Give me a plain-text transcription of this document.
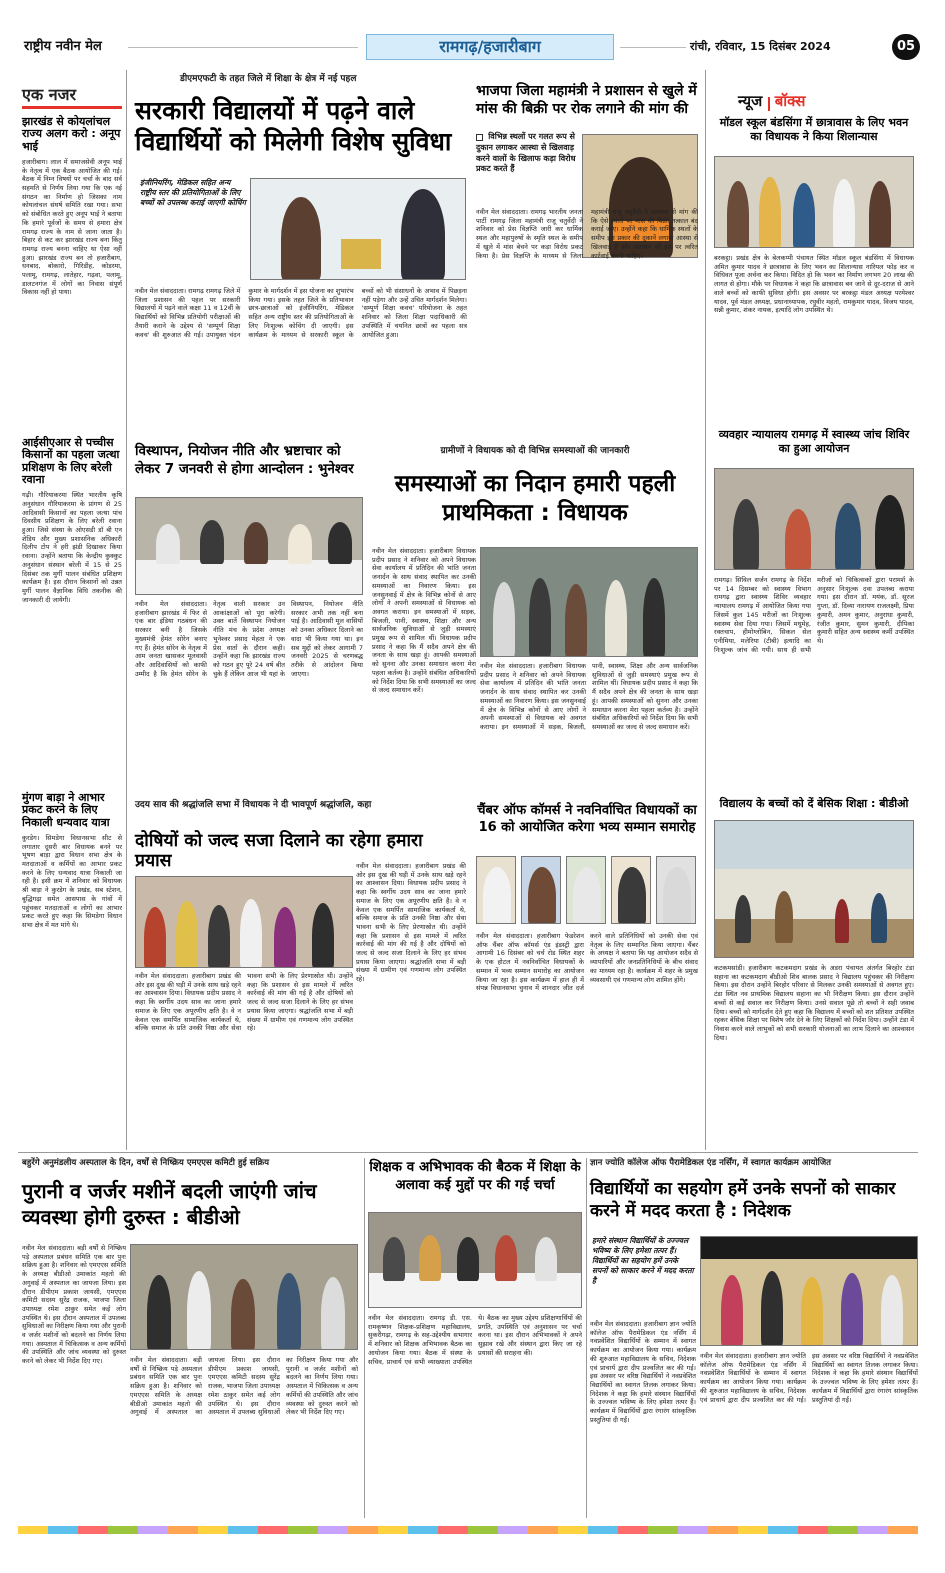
राष्ट्रीय नवीन मेल	रामगढ़/हजारीबाग	रांची, रविवार, 15 दिसंबर 2024	05
एक नजर
झारखंड से कोयलांचल राज्य अलग करो : अनूप भाई
हजारीबाग। लाल में समाजसेवी अनूप भाई के नेतृत्व में एक बैठक आयोजित की गई। बैठक में निम्न विषयों पर चर्चा के बाद सर्व सहमति से निर्णय लिया गया कि एक नई संगठन का निर्माण हो जिसका नाम कोयलांचल संघर्ष समिति रखा गया। सभा को संबोधित करते हुए अनूप भाई ने बताया कि हमारे पूर्वजों के समय से हमारा क्षेत्र रामगढ़ राज्य के नाम से जाना जाता है। बिहार से कट कर झारखंड राज्य बना किंतु रामगढ़ राज्य बनना चाहिए था ऐसा नहीं हुआ। झारखंड राज्य बन तो हजारीबाग, धनबाद, बोकारो, गिरिडीह, कोडरमा, पलामू, रामगढ़, लातेहार, गढ़वा, पलामू, डालटनगंज में लोगों का निवास संपूर्ण विकास नहीं हो पाया।
आईसीएआर से पच्चीस किसानों का पहला जत्था प्रशिक्षण के लिए बरेली रवाना
गढ़ी। गौरियाकरमा स्थित भारतीय कृषि अनुसंधान गौरियाकरमा के प्रांगण से 25 आदिवासी किसानों का पहला जत्था पांच दिवसीय प्रशिक्षण के लिए बरेली रवाना हुआ। जिसे संस्था के ओएसडी डॉ बी एन शेडिय और मुख्य प्रशासनिक अधिकारी दिलीप टोप ने हरी झंडी दिखाकर किया रवाना। उन्होंने बताया कि केन्द्रीय कुक्कुट अनुसंधान संस्थान बरेली में 15 से 25 दिसंबर तक मुर्गी पालन संबंधित प्रशिक्षण कार्यक्रम है। इस दौरान किसानों को उन्नत मुर्गी पालन वैज्ञानिक विधि तकनीक की जानकारी दी जायेगी।
मुंगण बाड़ा ने आभार प्रकट करने के लिए निकाली धन्यवाद यात्रा
कुरडेग। सिमडेगा विधानसभा सीट से लगातार दूसरी बार विधायक बनने पर भूषण बाड़ा द्वारा विधान सभा क्षेत्र के मतदाताओं व कर्मियों का आभार प्रकट करने के लिए धन्यवाद यात्रा निकाली जा रही है। इसी क्रम में शनिवार को विधायक श्री बाड़ा ने कुरडेग के प्रखंड, सब स्टेशन, बुद्धिगढ़ा समेत आसपास के गांवों में पहुंचकर मतदाताओं व लोगों का आभार प्रकट करते हुए कहा कि सिमडेगा विधान सभा क्षेत्र में मत मांगे थे।
डीएमएफटी के तहत जिले में शिक्षा के क्षेत्र में नई पहल
सरकारी विद्यालयों में पढ़ने वाले विद्यार्थियों को मिलेगी विशेष सुविधा
इंजीनियरिंग, मेडिकल सहित अन्य राष्ट्रीय स्तर की प्रतियोगिताओं के लिए बच्चों को उपलब्ध कराई जाएगी कोचिंग
नवीन मेल संवाददाता। रामगढ़ रामगढ़ जिले में जिला प्रशासन की पहल पर सरकारी विद्यालयों में पढ़ने वाले कक्षा 11 व 12वीं के विद्यार्थियों को विभिन्न प्रतियोगी परीक्षाओं की तैयारी कराने के उद्देश्य से 'सम्पूर्ण शिक्षा कवच' की शुरुआत की गई। उपायुक्त चंदन कुमार के मार्गदर्शन में इस योजना का शुभारंभ किया गया। इसके तहत जिले के प्रतिभावान छात्र-छात्राओं को इंजीनियरिंग, मेडिकल सहित अन्य राष्ट्रीय स्तर की प्रतियोगिताओं के लिए निःशुल्क कोचिंग दी जाएगी। इस कार्यक्रम के माध्यम से सरकारी स्कूल के बच्चों को भी संसाधनों के अभाव में पिछड़ना नहीं पड़ेगा और उन्हें उचित मार्गदर्शन मिलेगा। 'सम्पूर्ण शिक्षा कवच' परियोजना के तहत शनिवार को जिला शिक्षा पदाधिकारी की उपस्थिति में चयनित छात्रों का पहला सत्र आयोजित हुआ।
भाजपा जिला महामंत्री ने प्रशासन से खुले में मांस की बिक्री पर रोक लगाने की मांग की
विभिन्न स्थलों पर गलत रूप से दुकान लगाकर आस्था से खिलवाड़ करने वालों के खिलाफ कड़ा विरोध प्रकट करते हैं
नवीन मेल संवाददाता। रामगढ़ भारतीय जनता पार्टी रामगढ़ जिला महामंत्री राजू चतुर्वेदी ने शनिवार को प्रेस विज्ञप्ति जारी कर धार्मिक स्थल और महापुरुषों के स्मृति स्थल के समीप में खुले में मांस बेचने पर कड़ा विरोध प्रकट किया है। प्रेस विज्ञप्ति के माध्यम से जिला महामंत्री राजू चतुर्वेदी ने प्रशासन से मांग की कि ऐसे स्थलों पर मांस की बिक्री तत्काल बंद कराई जाए। उन्होंने कहा कि धार्मिक स्थलों के समीप इस प्रकार की दुकानें लगाना आस्था से खिलवाड़ है और प्रशासन को इस पर त्वरित कार्रवाई करनी चाहिए।
न्यूज बॉक्स
मॉडल स्कूल बंडसिंगा में छात्रावास के लिए भवन का विधायक ने किया शिलान्यास
बरकट्ठा। प्रखंड क्षेत्र के बेलकप्पी पंचायत स्थित मॉडल स्कूल बंडसिंगा में विधायक अमित कुमार यादव ने छात्रावास के लिए भवन का शिलान्यास नारियल फोड़ कर व विधिवत पूजा अर्चना कर किया। विदित हो कि भवन का निर्माण लगभग 20 लाख की लागत से होगा। मौके पर विधायक ने कहा कि छात्रावास बन जाने से दूर-दराज से आने वाले बच्चों को काफी सुविधा होगी। इस अवसर पर बरकट्ठा मंडल अध्यक्ष परमेश्वर यादव, पूर्व मंडल अध्यक्ष, प्रधानाध्यापक, रघुवीर महतो, रामकुमार यादव, विजय यादव, सन्नी कुमार, शंकर नायक, इत्यादि लोग उपस्थित थे।
व्यवहार न्यायालय रामगढ़ में स्वास्थ्य जांच शिविर का हुआ आयोजन
रामगढ़। सिविल सर्जन रामगढ़ के निर्देश पर 14 दिसम्बर को स्वास्थ्य विभाग रामगढ़ द्वारा स्वास्थ्य शिविर व्यवहार न्यायालय रामगढ़ में आयोजित किया गया जिसमें कुल 145 मरीजों का निःशुल्क स्वास्थ्य सेवा दिया गया। जिसमें मधुमेह, रक्तचाप, हीमोग्लोबिन, सिकल सेल एनीमिया, मलेरिया (टीबी) इत्यादि का निःशुल्क जांच की गयी। साथ ही सभी मरीजों को चिकित्सकों द्वारा परामर्श के अनुसार निःशुल्क दवा उपलब्ध कराया गया। इस दौरान डॉ. मयंक, डॉ. सूरज गुप्ता, डॉ. दिव्या नारायण राजलक्ष्मी, प्रिया कुमारी, अमन कुमार, अनुराधा कुमारी, रंजीत कुमार, सुमन कुमारी, दीपिका कुमारी सहित अन्य स्वास्थ्य कर्मी उपस्थित थे।
विद्यालय के बच्चों को दें बेसिक शिक्षा : बीडीओ
कटकमसांडी। हजारीबाग कटकमदाग प्रखंड के अडरा पंचायत अंतर्गत बिरहोर टंडा सहाना का कटकमदाग बीडीओ शिव बालक प्रसाद ने विद्यालय पहुंचकर की निरीक्षण किया। इस दौरान उन्होंने बिरहोर परिवार से मिलकर उनकी समस्याओं से अवगत हुए। टंडा स्थित नव प्राथमिक विद्यालय सहाना का भी निरीक्षण किया। इस दौरान उन्होंने बच्चों से कई सवाल कर निरीक्षण किया। उनसे सवाल पूछे तो बच्चों ने सही जवाब दिया। बच्चों को मार्गदर्शन देते हुए कहा कि विद्यालय में बच्चों को शत प्रतिशत उपस्थित रहकर बेसिक शिक्षा पर विशेष जोर देने के लिए शिक्षकों को निर्देश दिया। उन्होंने टंडा में निवास करने वाले लाभुकों को सभी सरकारी योजनाओं का लाभ दिलाने का आश्वासन दिया।
विस्थापन, नियोजन नीति और भ्रष्टाचार को लेकर 7 जनवरी से होगा आन्दोलन : भुनेश्वर
नवीन मेल संवाददाता। हजारीबाग झारखंड में फिर से एक बार इंडिया गठबंधन की सरकार बनी है जिसके मुख्यमंत्री हेमंत सोरेन बनाए गए हैं। हेमंत सोरेन के नेतृत्व में आम जनता खासकर मूलवासी और आदिवासियों को काफी उम्मीद है कि हेमंत सोरेन के नेतृत्व वाली सरकार उन आकांक्षाओं को पूरा करेगी। उक्त बातें विस्थापन नियोजन नीति मंच के प्रदेश अध्यक्ष भुनेश्वर प्रसाद मेहता ने एक प्रेस वार्ता के दौरान कही। उन्होंने कहा कि झारखंड राज्य को गठन हुए पूरे 24 वर्ष बीत चुके हैं लेकिन आज भी यहां के विस्थापन, नियोजन नीति सरकार अभी तक नहीं बना पाई है। आदिवासी मूल वासियों को उनका अधिकार दिलाने का वादा भी किया गया था। इन सब मुद्दों को लेकर आगामी 7 जनवरी 2025 से चरणबद्ध तरीके से आंदोलन किया जाएगा।
ग्रामीणों ने विधायक को दी विभिन्न समस्याओं की जानकारी
समस्याओं का निदान हमारी पहली प्राथमिकता : विधायक
नवीन मेल संवाददाता। हजारीबाग विधायक प्रदीप प्रसाद ने शनिवार को अपने विधायक सेवा कार्यालय में प्रतिदिन की भांति जनता जनार्दन के साथ संवाद स्थापित कर उनकी समस्याओं का निवारण किया। इस जनसुनवाई में क्षेत्र के विभिन्न कोनों से आए लोगों ने अपनी समस्याओं से विधायक को अवगत कराया। इन समस्याओं में सड़क, बिजली, पानी, स्वास्थ्य, शिक्षा और अन्य सार्वजनिक सुविधाओं से जुड़ी समस्याएं प्रमुख रूप से शामिल थीं। विधायक प्रदीप प्रसाद ने कहा कि मैं सदैव अपने क्षेत्र की जनता के साथ खड़ा हूं। आपकी समस्याओं को सुनना और उनका समाधान करना मेरा पहला कर्तव्य है। उन्होंने संबंधित अधिकारियों को निर्देश दिया कि सभी समस्याओं का जल्द से जल्द समाधान करें।
नवीन मेल संवाददाता। हजारीबाग विधायक प्रदीप प्रसाद ने शनिवार को अपने विधायक सेवा कार्यालय में प्रतिदिन की भांति जनता जनार्दन के साथ संवाद स्थापित कर उनकी समस्याओं का निवारण किया। इस जनसुनवाई में क्षेत्र के विभिन्न कोनों से आए लोगों ने अपनी समस्याओं से विधायक को अवगत कराया। इन समस्याओं में सड़क, बिजली, पानी, स्वास्थ्य, शिक्षा और अन्य सार्वजनिक सुविधाओं से जुड़ी समस्याएं प्रमुख रूप से शामिल थीं। विधायक प्रदीप प्रसाद ने कहा कि मैं सदैव अपने क्षेत्र की जनता के साथ खड़ा हूं। आपकी समस्याओं को सुनना और उनका समाधान करना मेरा पहला कर्तव्य है। उन्होंने संबंधित अधिकारियों को निर्देश दिया कि सभी समस्याओं का जल्द से जल्द समाधान करें।
उदय साव की श्रद्धांजलि सभा में विधायक ने दी भावपूर्ण श्रद्धांजलि, कहा
दोषियों को जल्द सजा दिलाने का रहेगा हमारा प्रयास	नवीन मेल संवाददाता। हजारीबाग प्रखंड की ओर इस दुख की घड़ी में उनके साथ खड़े रहने का आश्वासन दिया। विधायक प्रदीप प्रसाद ने कहा कि स्वर्गीय उदय साव का जाना हमारे समाज के लिए एक अपूरणीय क्षति है। वे न केवल एक समर्पित सामाजिक कार्यकर्ता थे, बल्कि समाज के प्रति उनकी निष्ठा और सेवा भावना सभी के लिए प्रेरणास्रोत थी। उन्होंने कहा कि प्रशासन से इस मामले में त्वरित कार्रवाई की मांग की गई है और दोषियों को जल्द से जल्द सजा दिलाने के लिए हर संभव प्रयास किया जाएगा। श्रद्धांजलि सभा में बड़ी संख्या में ग्रामीण एवं गणमान्य लोग उपस्थित रहे।
नवीन मेल संवाददाता। हजारीबाग प्रखंड की ओर इस दुख की घड़ी में उनके साथ खड़े रहने का आश्वासन दिया। विधायक प्रदीप प्रसाद ने कहा कि स्वर्गीय उदय साव का जाना हमारे समाज के लिए एक अपूरणीय क्षति है। वे न केवल एक समर्पित सामाजिक कार्यकर्ता थे, बल्कि समाज के प्रति उनकी निष्ठा और सेवा भावना सभी के लिए प्रेरणास्रोत थी। उन्होंने कहा कि प्रशासन से इस मामले में त्वरित कार्रवाई की मांग की गई है और दोषियों को जल्द से जल्द सजा दिलाने के लिए हर संभव प्रयास किया जाएगा। श्रद्धांजलि सभा में बड़ी संख्या में ग्रामीण एवं गणमान्य लोग उपस्थित रहे।
चैंबर ऑफ कॉमर्स ने नवनिर्वाचित विधायकों का 16 को आयोजित करेगा भव्य सम्मान समारोह
नवीन मेल संवाददाता। हजारीबाग फेडरेशन ऑफ चैंबर ऑफ कॉमर्स एंड इंडस्ट्री द्वारा आगामी 16 दिसंबर को चर्च रोड स्थित शहर के एक होटल में नवनिर्वाचित विधायकों के सम्मान में भव्य सम्मान समारोह का आयोजन किया जा रहा है। इस कार्यक्रम में हाल ही में संपन्न विधानसभा चुनाव में शानदार जीत दर्ज करने वाले प्रतिनिधियों को उनकी सेवा एवं नेतृत्व के लिए सम्मानित किया जाएगा। चैंबर के अध्यक्ष ने बताया कि यह आयोजन सदैव से व्यापारियों और जनप्रतिनिधियों के बीच संवाद का माध्यम रहा है। कार्यक्रम में शहर के प्रमुख व्यवसायी एवं गणमान्य लोग शामिल होंगे।
बहुरेंगे अनुमंडलीय अस्पताल के दिन, वर्षों से निष्क्रिय एमएएस कमिटी हुई सक्रिय
पुरानी व जर्जर मशीनें बदली जाएंगी जांच व्यवस्था होगी दुरुस्त : बीडीओ
नवीन मेल संवाददाता। बड़ी वर्षों से निष्क्रिय पड़े अस्पताल प्रबंधन समिति एक बार पुनः सक्रिय हुआ है। शनिवार को एमएएस समिति के अध्यक्ष बीडीओ उमाकांत महतो की अगुवाई में अस्पताल का जायजा लिया। इस दौरान डीपीएम प्रकाश जायसी, एमएएस कमिटी सदस्य सुरेंद्र राजक, भाजपा जिला उपाध्यक्ष रमेश ठाकुर समेत कई लोग उपस्थित थे। इस दौरान अस्पताल में उपलब्ध सुविधाओं का निरीक्षण किया गया और पुरानी व जर्जर मशीनों को बदलने का निर्णय लिया गया। अस्पताल में चिकित्सक व अन्य कर्मियों की उपस्थिति और जांच व्यवस्था को दुरुस्त करने को लेकर भी निर्देश दिए गए।	नवीन मेल संवाददाता। बड़ी वर्षों से निष्क्रिय पड़े अस्पताल प्रबंधन समिति एक बार पुनः सक्रिय हुआ है। शनिवार को एमएएस समिति के अध्यक्ष बीडीओ उमाकांत महतो की अगुवाई में अस्पताल का जायजा लिया। इस दौरान डीपीएम प्रकाश जायसी, एमएएस कमिटी सदस्य सुरेंद्र राजक, भाजपा जिला उपाध्यक्ष रमेश ठाकुर समेत कई लोग उपस्थित थे। इस दौरान अस्पताल में उपलब्ध सुविधाओं का निरीक्षण किया गया और पुरानी व जर्जर मशीनों को बदलने का निर्णय लिया गया। अस्पताल में चिकित्सक व अन्य कर्मियों की उपस्थिति और जांच व्यवस्था को दुरुस्त करने को लेकर भी निर्देश दिए गए।
शिक्षक व अभिभावक की बैठक में शिक्षा के अलावा कई मुद्दों पर की गई चर्चा
नवीन मेल संवाददाता। रामगढ़ डी. एस. रामकृष्णन शिक्षक-प्रशिक्षण महाविद्यालय, सुकरीगढ़ा, रामगढ़ के सह-उद्देश्यीय सभागार में शनिवार को शिक्षक अभिभावक बैठक का आयोजन किया गया। बैठक में संस्था के सचिव, प्राचार्य एवं सभी व्याख्याता उपस्थित थे। बैठक का मुख्य उद्देश्य प्रशिक्षणार्थियों की प्रगति, उपस्थिति एवं अनुशासन पर चर्चा करना था। इस दौरान अभिभावकों ने अपने सुझाव रखे और संस्थान द्वारा किए जा रहे प्रयासों की सराहना की।
ज्ञान ज्योति कॉलेज ऑफ पैरामेडिकल एंड नर्सिंग, में स्वागत कार्यक्रम आयोजित
विद्यार्थियों का सहयोग हमें उनके सपनों को साकार करने में मदद करता है : निदेशक
हमारे संस्थान विद्यार्थियों के उज्ज्वल भविष्य के लिए हमेशा तत्पर हैं। विद्यार्थियों का सहयोग हमें उनके सपनों को साकार करने में मदद करता है
नवीन मेल संवाददाता। हजारीबाग ज्ञान ज्योति कॉलेज ऑफ पैरामेडिकल एंड नर्सिंग में नवप्रवेशित विद्यार्थियों के सम्मान में स्वागत कार्यक्रम का आयोजन किया गया। कार्यक्रम की शुरुआत महाविद्यालय के सचिव, निदेशक एवं प्राचार्य द्वारा दीप प्रज्वलित कर की गई। इस अवसर पर वरिष्ठ विद्यार्थियों ने नवप्रवेशित विद्यार्थियों का स्वागत तिलक लगाकर किया। निदेशक ने कहा कि हमारे संस्थान विद्यार्थियों के उज्ज्वल भविष्य के लिए हमेशा तत्पर हैं। कार्यक्रम में विद्यार्थियों द्वारा रंगारंग सांस्कृतिक प्रस्तुतियां दी गईं।
नवीन मेल संवाददाता। हजारीबाग ज्ञान ज्योति कॉलेज ऑफ पैरामेडिकल एंड नर्सिंग में नवप्रवेशित विद्यार्थियों के सम्मान में स्वागत कार्यक्रम का आयोजन किया गया। कार्यक्रम की शुरुआत महाविद्यालय के सचिव, निदेशक एवं प्राचार्य द्वारा दीप प्रज्वलित कर की गई। इस अवसर पर वरिष्ठ विद्यार्थियों ने नवप्रवेशित विद्यार्थियों का स्वागत तिलक लगाकर किया। निदेशक ने कहा कि हमारे संस्थान विद्यार्थियों के उज्ज्वल भविष्य के लिए हमेशा तत्पर हैं। कार्यक्रम में विद्यार्थियों द्वारा रंगारंग सांस्कृतिक प्रस्तुतियां दी गईं।
